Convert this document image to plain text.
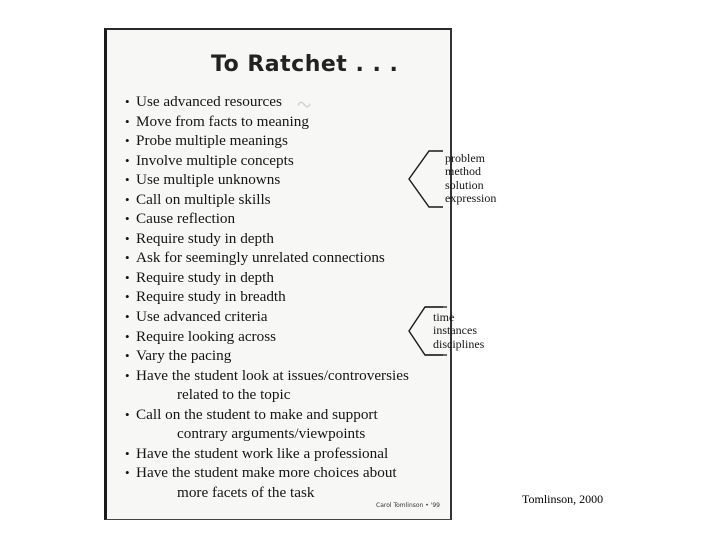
~
To Ratchet . . .
• Use advanced resources
• Move from facts to meaning
• Probe multiple meanings
• Involve multiple concepts
• Use multiple unknowns
• Call on multiple skills
• Cause reflection
• Require study in depth
• Ask for seemingly unrelated connections
• Require study in depth
• Require study in breadth
• Use advanced criteria
• Require looking across
• Vary the pacing
• Have the student look at issues/controversies
related to the topic
• Call on the student to make and support
contrary arguments/viewpoints
• Have the student work like a professional
• Have the student make more choices about
more facets of the task
problem
method
solution
expression
time
instances
disciplines
Carol Tomlinson • '99	Tomlinson, 2000
